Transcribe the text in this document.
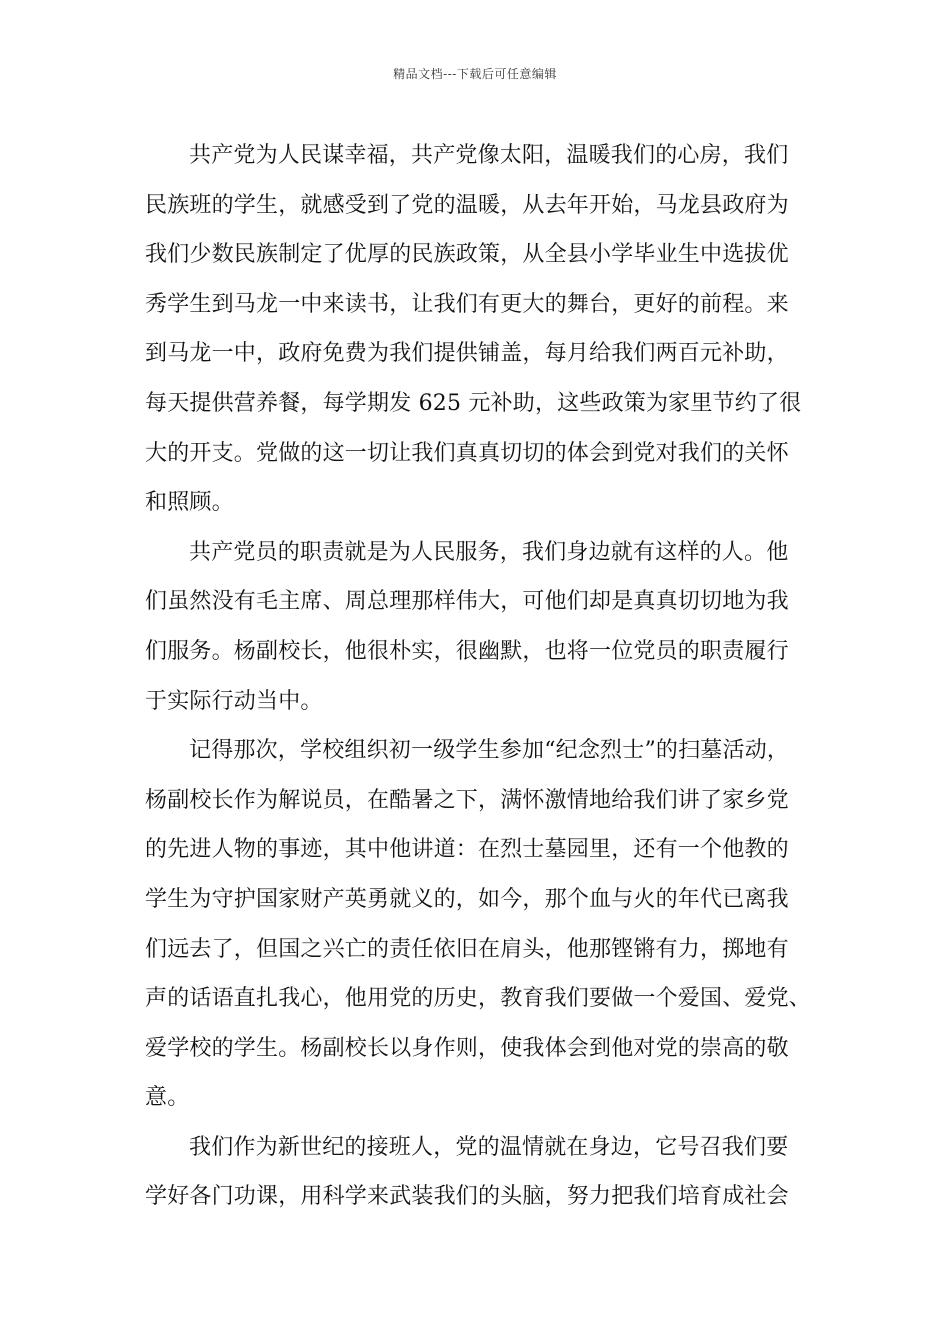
精品文档---下载后可任意编辑
共产党为人民谋幸福，共产党像太阳，温暖我们的心房，我们
民族班的学生，就感受到了党的温暖，从去年开始，马龙县政府为
我们少数民族制定了优厚的民族政策，从全县小学毕业生中选拔优
秀学生到马龙一中来读书，让我们有更大的舞台，更好的前程。来
到马龙一中，政府免费为我们提供铺盖，每月给我们两百元补助，
每天提供营养餐，每学期发 625 元补助，这些政策为家里节约了很
大的开支。党做的这一切让我们真真切切的体会到党对我们的关怀
和照顾。
共产党员的职责就是为人民服务，我们身边就有这样的人。他
们虽然没有毛主席、周总理那样伟大，可他们却是真真切切地为我
们服务。杨副校长，他很朴实，很幽默，也将一位党员的职责履行
于实际行动当中。
记得那次，学校组织初一级学生参加“纪念烈士”的扫墓活动，
杨副校长作为解说员，在酷暑之下，满怀激情地给我们讲了家乡党
的先进人物的事迹，其中他讲道：在烈士墓园里，还有一个他教的
学生为守护国家财产英勇就义的，如今，那个血与火的年代已离我
们远去了，但国之兴亡的责任依旧在肩头，他那铿锵有力，掷地有
声的话语直扎我心，他用党的历史，教育我们要做一个爱国、爱党、
爱学校的学生。杨副校长以身作则，使我体会到他对党的崇高的敬
意。
我们作为新世纪的接班人，党的温情就在身边，它号召我们要
学好各门功课，用科学来武装我们的头脑，努力把我们培育成社会
